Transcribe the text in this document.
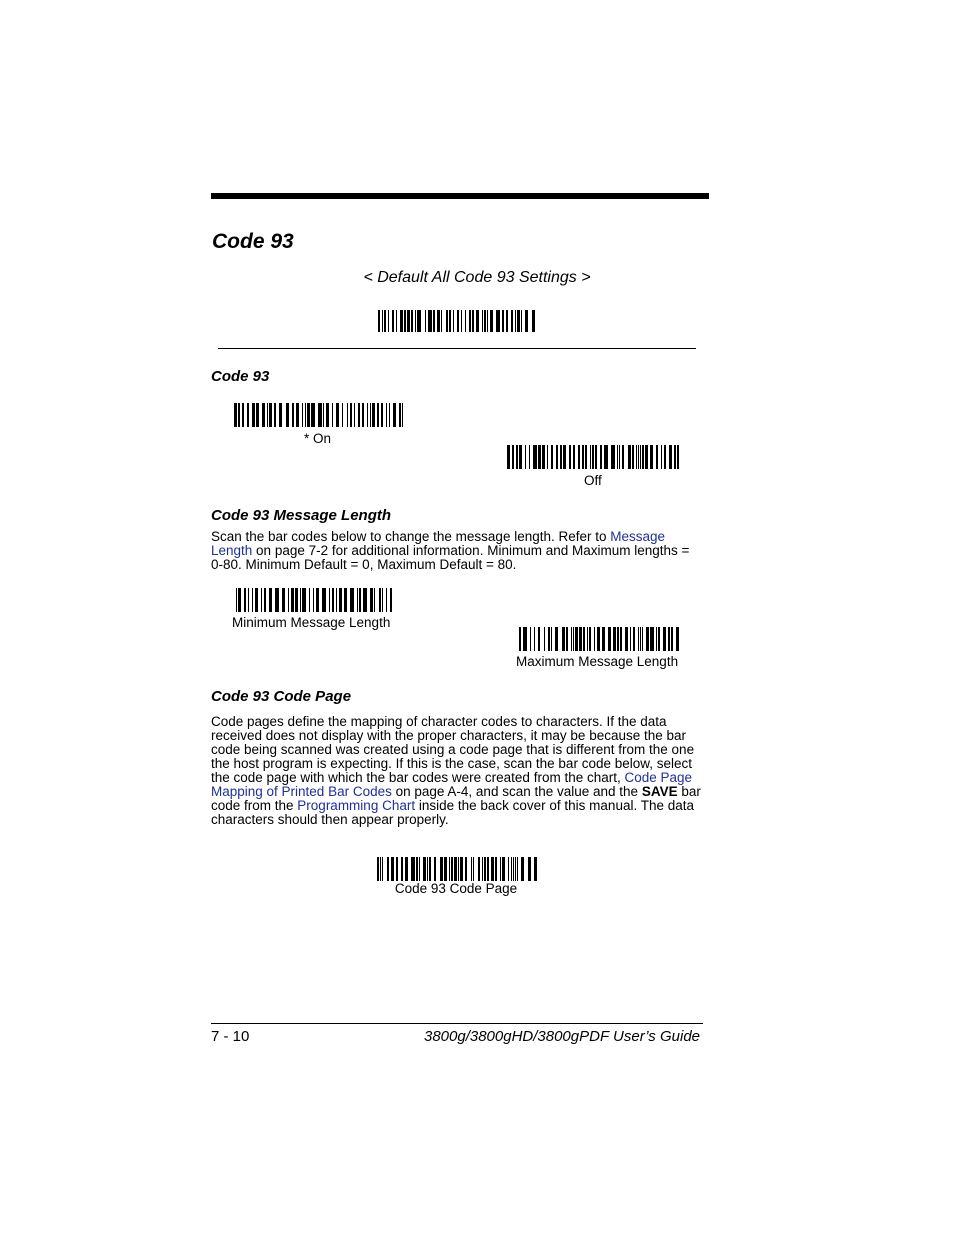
Code 93
< Default All Code 93 Settings >
Code 93
* On
Off
Code 93 Message Length
Scan the bar codes below to change the message length. Refer to Message Length on page 7-2 for additional information. Minimum and Maximum lengths = 0-80. Minimum Default = 0, Maximum Default = 80.
Minimum Message Length
Maximum Message Length
Code 93 Code Page
Code pages define the mapping of character codes to characters. If the data received does not display with the proper characters, it may be because the bar code being scanned was created using a code page that is different from the one the host program is expecting. If this is the case, scan the bar code below, select the code page with which the bar codes were created from the chart, Code Page Mapping of Printed Bar Codes on page A-4, and scan the value and the SAVE bar code from the Programming Chart inside the back cover of this manual. The data characters should then appear properly.
Code 93 Code Page
7 - 10	3800g/3800gHD/3800gPDF User’s Guide
